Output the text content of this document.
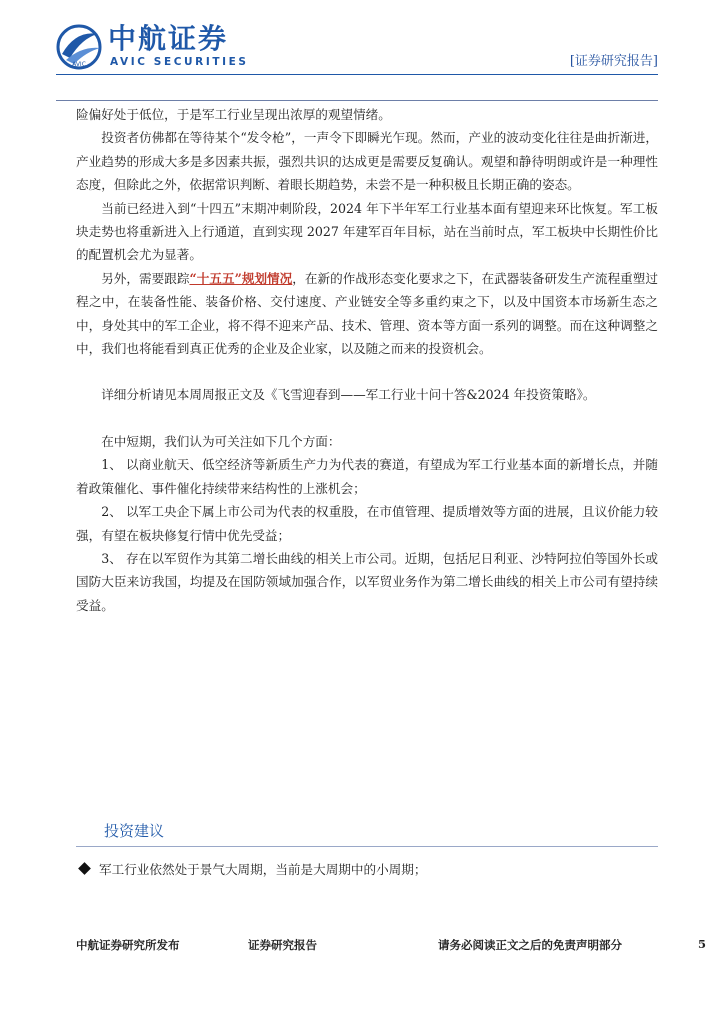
AVIC
中航证券
AVIC SECURITIES	[证券研究报告]

险偏好处于低位，于是军工行业呈现出浓厚的观望情绪。

投资者仿佛都在等待某个“发令枪”，一声令下即瞬光乍现。然而，产业的波动变化往往是曲折渐进，产业趋势的形成大多是多因素共振，强烈共识的达成更是需要反复确认。观望和静待明朗或许是一种理性态度，但除此之外，依据常识判断、着眼长期趋势，未尝不是一种积极且长期正确的姿态。

当前已经进入到“十四五”末期冲刺阶段，2024 年下半年军工行业基本面有望迎来环比恢复。军工板块走势也将重新进入上行通道，直到实现 2027 年建军百年目标，站在当前时点，军工板块中长期性价比的配置机会尤为显著。

另外，需要跟踪“十五五”规划情况，在新的作战形态变化要求之下，在武器装备研发生产流程重塑过程之中，在装备性能、装备价格、交付速度、产业链安全等多重约束之下，以及中国资本市场新生态之中，身处其中的军工企业，将不得不迎来产品、技术、管理、资本等方面一系列的调整。而在这种调整之中，我们也将能看到真正优秀的企业及企业家，以及随之而来的投资机会。

详细分析请见本周周报正文及《飞雪迎春到——军工行业十问十答&2024 年投资策略》。

在中短期，我们认为可关注如下几个方面：

1、 以商业航天、低空经济等新质生产力为代表的赛道，有望成为军工行业基本面的新增长点，并随着政策催化、事件催化持续带来结构性的上涨机会；

2、 以军工央企下属上市公司为代表的权重股，在市值管理、提质增效等方面的进展，且议价能力较强，有望在板块修复行情中优先受益；

3、 存在以军贸作为其第二增长曲线的相关上市公司。近期，包括尼日利亚、沙特阿拉伯等国外长或国防大臣来访我国，均提及在国防领域加强合作，以军贸业务作为第二增长曲线的相关上市公司有望持续受益。

投资建议
军工行业依然处于景气大周期，当前是大周期中的小周期；
中航证券研究所发布	证券研究报告	请务必阅读正文之后的免责声明部分	5
